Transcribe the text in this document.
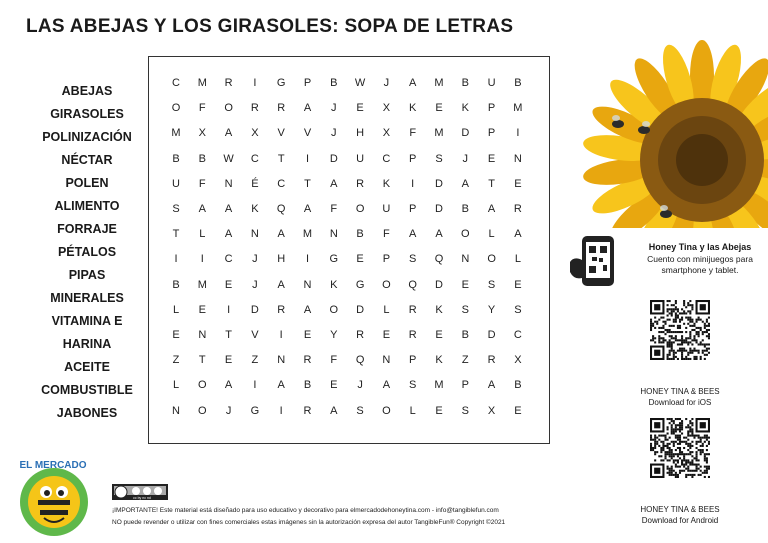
LAS ABEJAS Y LOS GIRASOLES: SOPA DE LETRAS
ABEJAS
GIRASOLES
POLINIZACIÓN
NÉCTAR
POLEN
ALIMENTO
FORRAJE
PÉTALOS
PIPAS
MINERALES
VITAMINA E
HARINA
ACEITE
COMBUSTIBLE
JABONES
C	M	R	I	G	P	B	W	J	A	M	B	U	B
O	F	O	R	R	A	J	E	X	K	E	K	P	M
M	X	A	X	V	V	J	H	X	F	M	D	P	I
B	B	W	C	T	I	D	U	C	P	S	J	E	N
U	F	N	É	C	T	A	R	K	I	D	A	T	E
S	A	A	K	Q	A	F	O	U	P	D	B	A	R
T	L	A	N	A	M	N	B	F	A	A	O	L	A
I	I	C	J	H	I	G	E	P	S	Q	N	O	L
B	M	E	J	A	N	K	G	O	Q	D	E	S	E
L	E	I	D	R	A	O	D	L	R	K	S	Y	S
E	N	T	V	I	E	Y	R	E	R	E	B	D	C
Z	T	E	Z	N	R	F	Q	N	P	K	Z	R	X
L	O	A	I	A	B	E	J	A	S	M	P	A	B
N	O	J	G	I	R	A	S	O	L	E	S	X	E
Honey Tina y las Abejas
Cuento con minijuegos para
smartphone y tablet.
HONEY TINA & BEES
Download for iOS
HONEY TINA & BEES
Download for Android
EL MERCADO
cc by nc nd
¡IMPORTANTE! Este material está diseñado para uso educativo y decorativo para elmercadodehoneytina.com - info@tangiblefun.com
NO puede revender o utilizar con fines comerciales estas imágenes sin la autorización expresa del autor TangibleFun® Copyright ©2021
